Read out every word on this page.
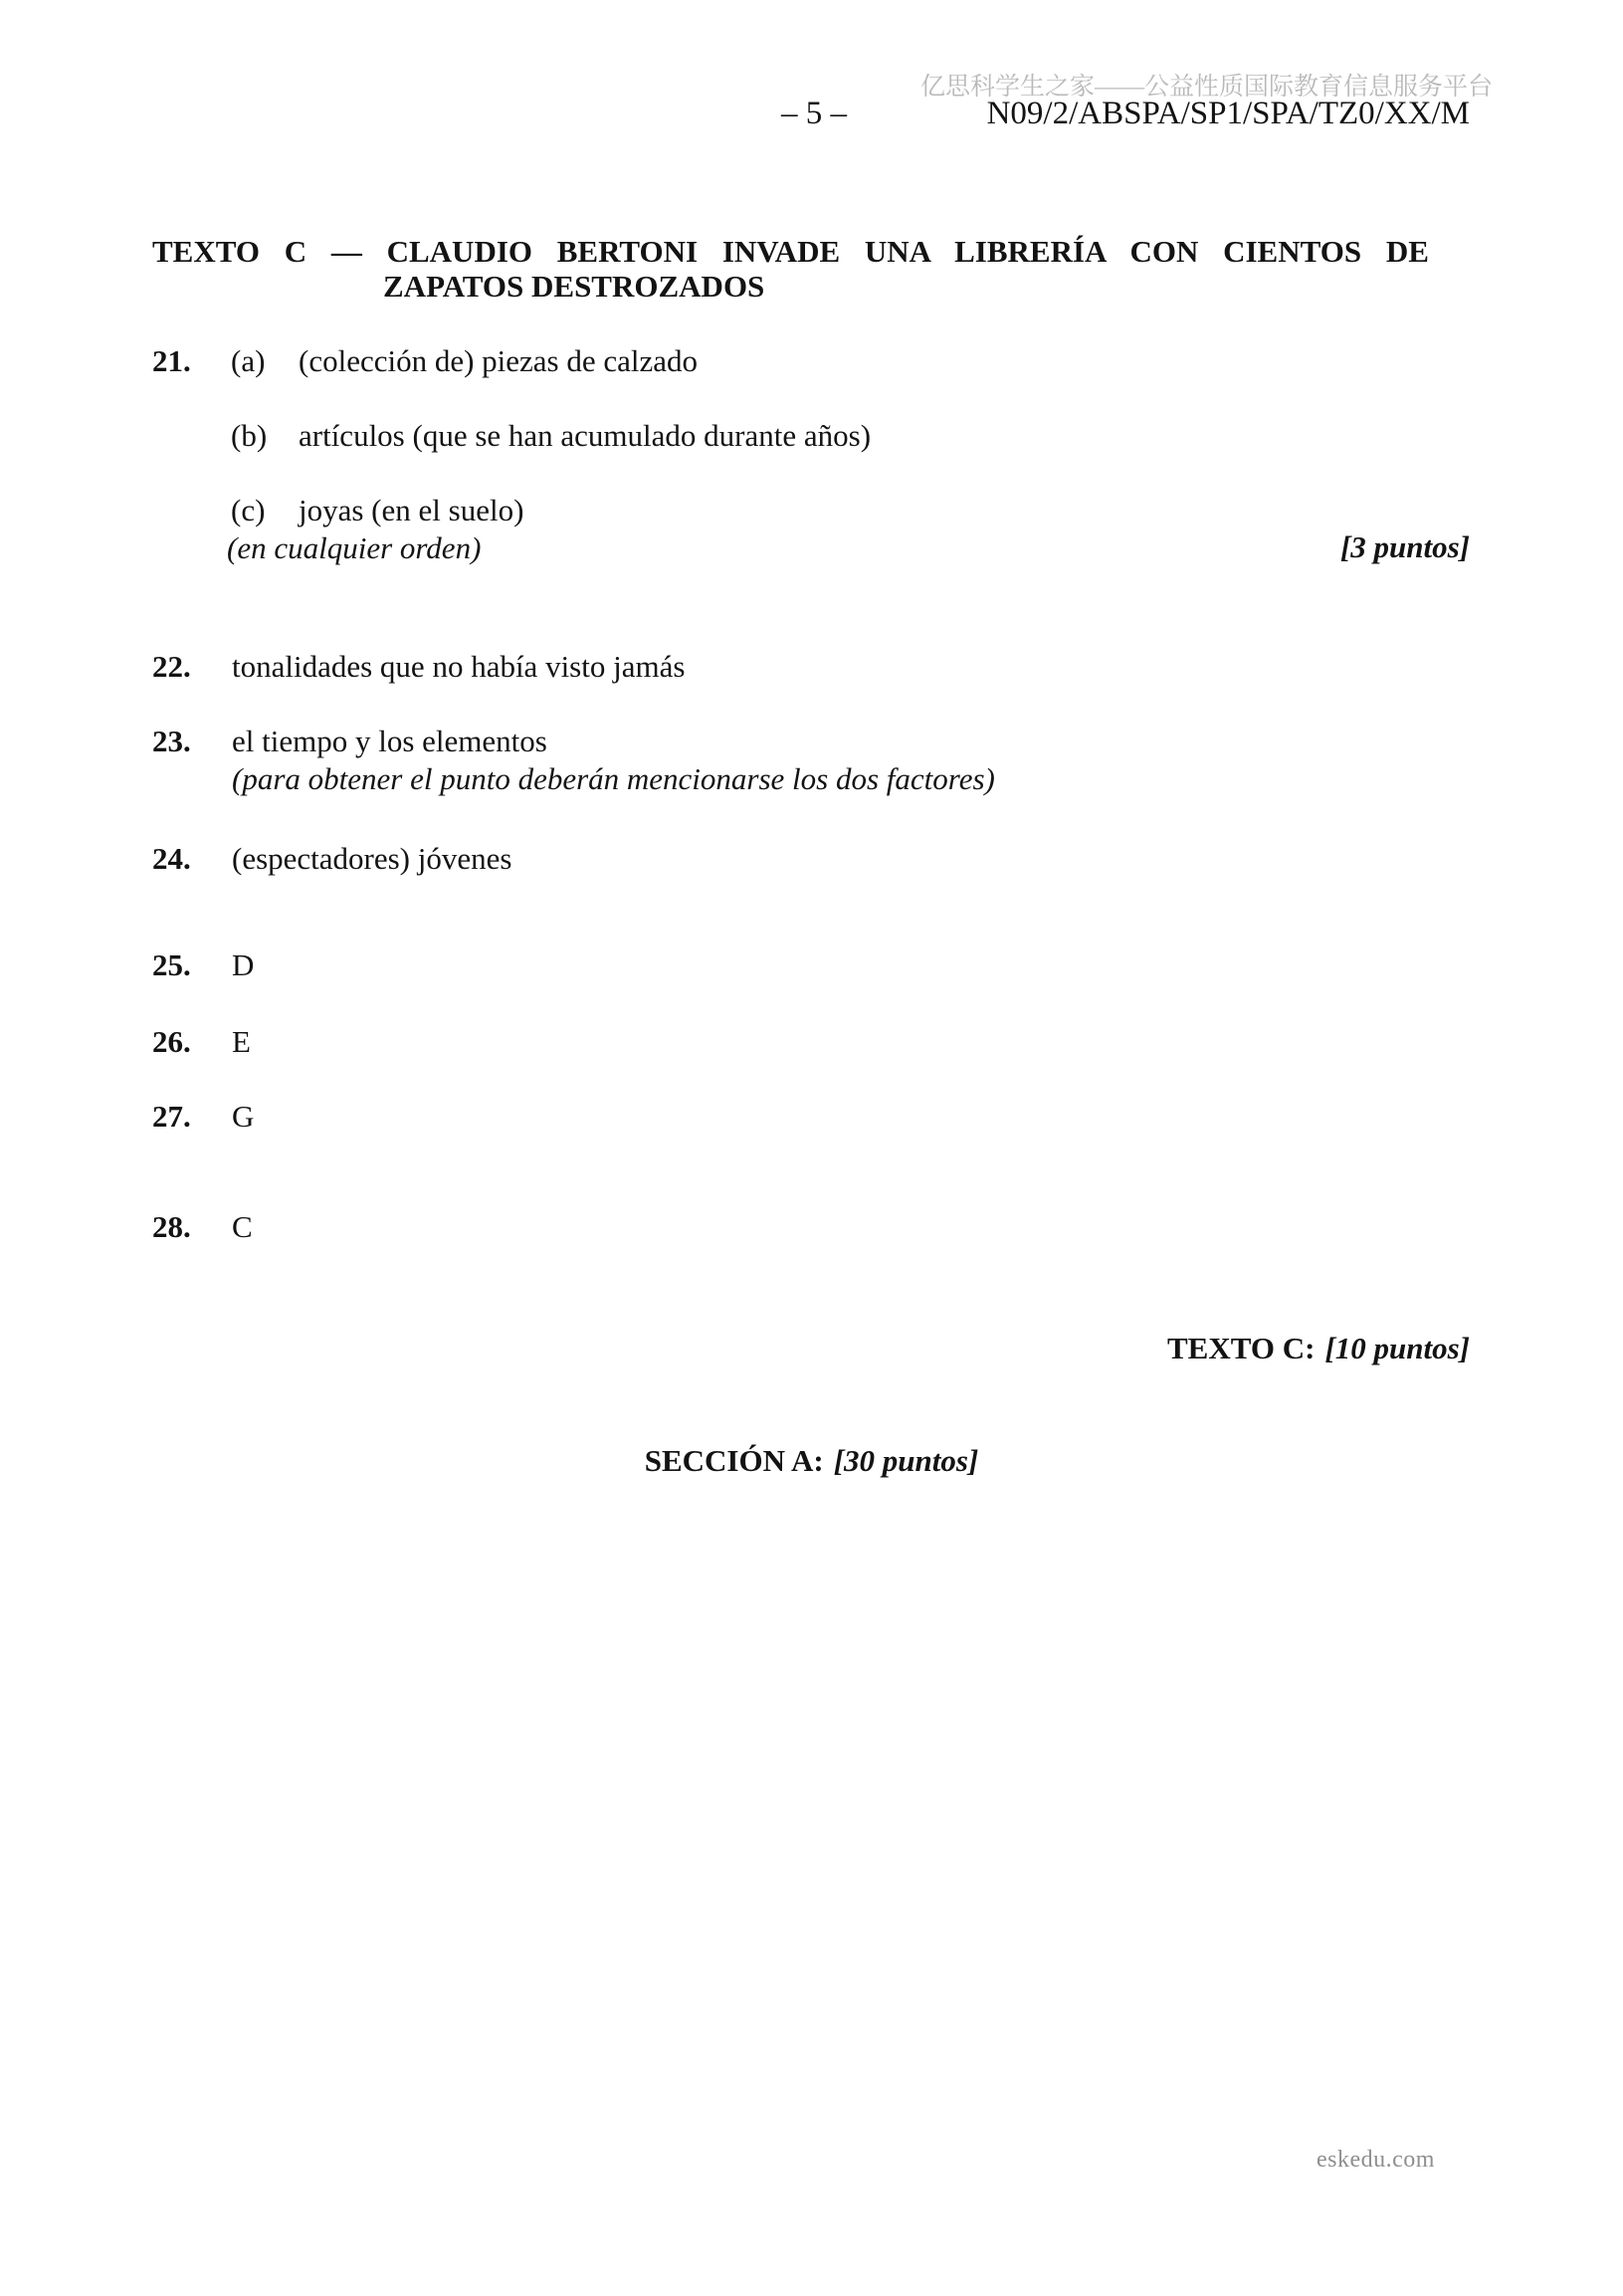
亿思科学生之家——公益性质国际教育信息服务平台
– 5 –	N09/2/ABSPA/SP1/SPA/TZ0/XX/M
TEXTO C — CLAUDIO BERTONI INVADE UNA LIBRERÍA CON CIENTOS DE
ZAPATOS DESTROZADOS
21. (a) (colección de) piezas de calzado
(b) artículos (que se han acumulado durante años)
(c) joyas (en el suelo)
(en cualquier orden)	[3 puntos]
22. tonalidades que no había visto jamás
23. el tiempo y los elementos
(para obtener el punto deberán mencionarse los dos factores)
24. (espectadores) jóvenes
25. D
26. E
27. G
28. C
TEXTO C: [10 puntos]
SECCIÓN A: [30 puntos]
eskedu.com
